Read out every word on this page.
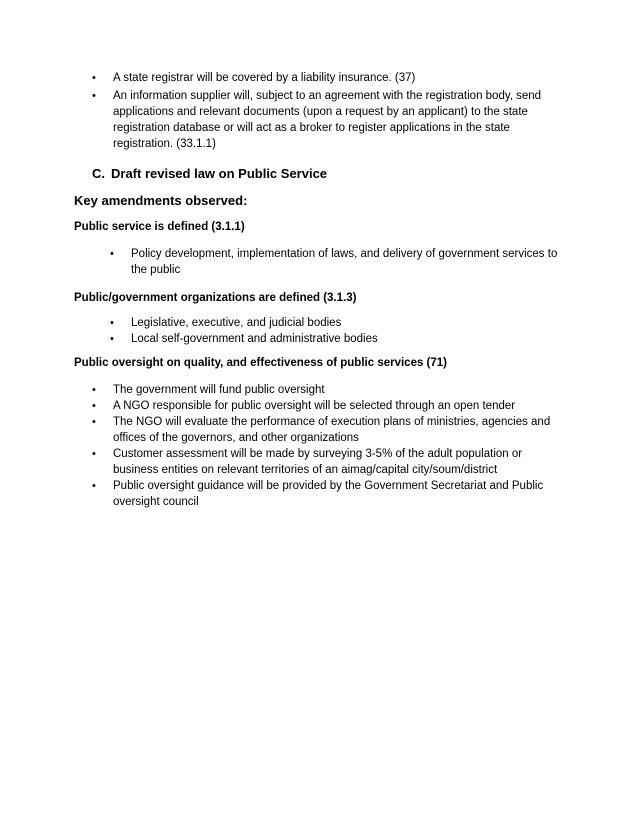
• A state registrar will be covered by a liability insurance. (37)
• An information supplier will, subject to an agreement with the registration body, send applications and relevant documents (upon a request by an applicant) to the state registration database or will act as a broker to register applications in the state registration. (33.1.1)
C. Draft revised law on Public Service
Key amendments observed:
Public service is defined (3.1.1)
• Policy development, implementation of laws, and delivery of government services to the public
Public/government organizations are defined (3.1.3)
• Legislative, executive, and judicial bodies
• Local self-government and administrative bodies
Public oversight on quality, and effectiveness of public services (71)
• The government will fund public oversight
• A NGO responsible for public oversight will be selected through an open tender
• The NGO will evaluate the performance of execution plans of ministries, agencies and offices of the governors, and other organizations
• Customer assessment will be made by surveying 3-5% of the adult population or business entities on relevant territories of an aimag/capital city/soum/district
• Public oversight guidance will be provided by the Government Secretariat and Public oversight council
